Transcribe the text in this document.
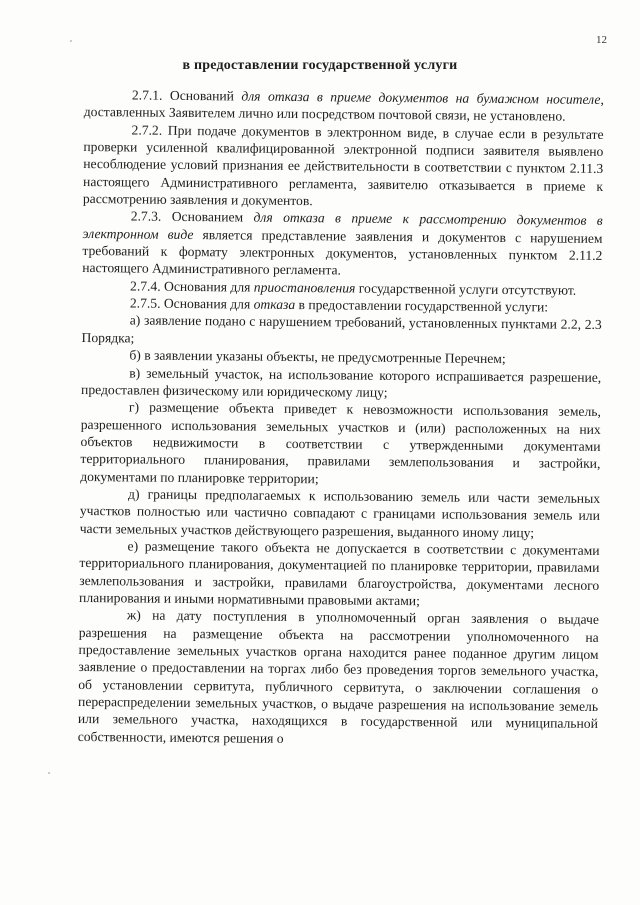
12
в предоставлении государственной услуги

2.7.1. Оснований для отказа в приеме документов на бумажном носителе, доставленных Заявителем лично или посредством почтовой связи, не установлено.

2.7.2. При подаче документов в электронном виде, в случае если в результате проверки усиленной квалифицированной электронной подписи заявителя выявлено несоблюдение условий признания ее действительности в соответствии с пунктом 2.11.3 настоящего Административного регламента, заявителю отказывается в приеме к рассмотрению заявления и документов.

2.7.3. Основанием для отказа в приеме к рассмотрению документов в электронном виде является представление заявления и документов с нарушением требований к формату электронных документов, установленных пунктом 2.11.2 настоящего Административного регламента.

2.7.4. Основания для приостановления государственной услуги отсутствуют.

2.7.5. Основания для отказа в предоставлении государственной услуги:

а) заявление подано с нарушением требований, установленных пунктами 2.2, 2.3 Порядка;

б) в заявлении указаны объекты, не предусмотренные Перечнем;

в) земельный участок, на использование которого испрашивается разрешение, предоставлен физическому или юридическому лицу;

г) размещение объекта приведет к невозможности использования земель, разрешенного использования земельных участков и (или) расположенных на них объектов недвижимости в соответствии с утвержденными документами территориального планирования, правилами землепользования и застройки, документами по планировке территории;

д) границы предполагаемых к использованию земель или части земельных участков полностью или частично совпадают с границами использования земель или части земельных участков действующего разрешения, выданного иному лицу;

е) размещение такого объекта не допускается в соответствии с документами территориального планирования, документацией по планировке территории, правилами землепользования и застройки, правилами благоустройства, документами лесного планирования и иными нормативными правовыми актами;

ж) на дату поступления в уполномоченный орган заявления о выдаче разрешения на размещение объекта на рассмотрении уполномоченного на предоставление земельных участков органа находится ранее поданное другим лицом заявление о предоставлении на торгах либо без проведения торгов земельного участка, об установлении сервитута, публичного сервитута, о заключении соглашения о перераспределении земельных участков, о выдаче разрешения на использование земель или земельного участка, находящихся в государственной или муниципальной собственности, имеются решения о
